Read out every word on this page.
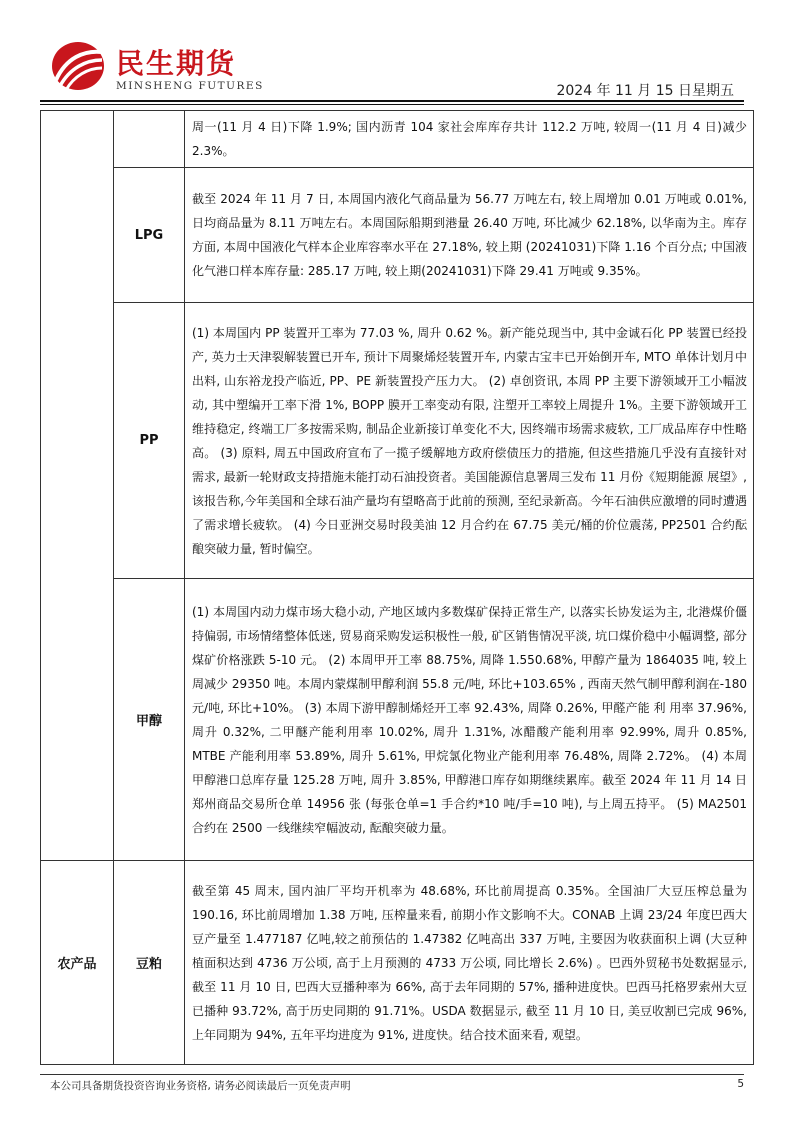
民生期货
MINSHENG FUTURES	2024 年 11 月 15 日星期五

		周一(11 月 4 日)下降 1.9%; 国内沥青 104 家社会库库存共计 112.2 万吨, 较周一(11 月 4 日)减少 2.3%。

	LPG	截至 2024 年 11 月 7 日, 本周国内液化气商品量为 56.77 万吨左右, 较上周增加 0.01 万吨或 0.01%, 日均商品量为 8.11 万吨左右。本周国际船期到港量 26.40 万吨, 环比减少 62.18%, 以华南为主。库存方面, 本周中国液化气样本企业库容率水平在 27.18%, 较上期 (20241031)下降 1.16 个百分点; 中国液化气港口样本库存量: 285.17 万吨, 较上期(20241031)下降 29.41 万吨或 9.35%。

	PP	(1) 本周国内 PP 装置开工率为 77.03 %, 周升 0.62 %。新产能兑现当中, 其中金诚石化 PP 装置已经投产, 英力士天津裂解装置已开车, 预计下周聚烯烃装置开车, 内蒙古宝丰已开始倒开车, MTO 单体计划月中出料, 山东裕龙投产临近, PP、PE 新装置投产压力大。 (2) 卓创资讯, 本周 PP 主要下游领域开工小幅波动, 其中塑编开工率下滑 1%, BOPP 膜开工率变动有限, 注塑开工率较上周提升 1%。主要下游领域开工维持稳定, 终端工厂多按需采购, 制品企业新接订单变化不大, 因终端市场需求疲软, 工厂成品库存中性略高。 (3) 原料, 周五中国政府宣布了一揽子缓解地方政府偿债压力的措施, 但这些措施几乎没有直接针对需求, 最新一轮财政支持措施未能打动石油投资者。美国能源信息署周三发布 11 月份《短期能源 展望》, 该报告称,今年美国和全球石油产量均有望略高于此前的预测, 至纪录新高。今年石油供应激增的同时遭遇了需求增长疲软。 (4) 今日亚洲交易时段美油 12 月合约在 67.75 美元/桶的价位震荡, PP2501 合约酝酿突破力量, 暂时偏空。

	甲醇	(1) 本周国内动力煤市场大稳小动, 产地区域内多数煤矿保持正常生产, 以落实长协发运为主, 北港煤价僵持偏弱, 市场情绪整体低迷, 贸易商采购发运积极性一般, 矿区销售情况平淡, 坑口煤价稳中小幅调整, 部分煤矿价格涨跌 5-10 元。 (2) 本周甲开工率 88.75%, 周降 1.550.68%, 甲醇产量为 1864035 吨, 较上周减少 29350 吨。本周内蒙煤制甲醇利润 55.8 元/吨, 环比+103.65% , 西南天然气制甲醇利润在-180 元/吨, 环比+10%。 (3) 本周下游甲醇制烯烃开工率 92.43%, 周降 0.26%, 甲醛产能 利 用率 37.96%, 周升 0.32%, 二甲醚产能利用率 10.02%, 周升 1.31%, 冰醋酸产能利用率 92.99%, 周升 0.85%, MTBE 产能利用率 53.89%, 周升 5.61%, 甲烷氯化物业产能利用率 76.48%, 周降 2.72%。 (4) 本周甲醇港口总库存量 125.28 万吨, 周升 3.85%, 甲醇港口库存如期继续累库。截至 2024 年 11 月 14 日郑州商品交易所仓单 14956 张 (每张仓单=1 手合约*10 吨/手=10 吨), 与上周五持平。 (5) MA2501 合约在 2500 一线继续窄幅波动, 酝酿突破力量。

农产品	豆粕	截至第 45 周末, 国内油厂平均开机率为 48.68%, 环比前周提高 0.35%。全国油厂大豆压榨总量为 190.16, 环比前周增加 1.38 万吨, 压榨量来看, 前期小作文影响不大。CONAB 上调 23/24 年度巴西大豆产量至 1.477187 亿吨,较之前预估的 1.47382 亿吨高出 337 万吨, 主要因为收获面积上调 (大豆种植面积达到 4736 万公顷, 高于上月预测的 4733 万公顷, 同比增长 2.6%) 。巴西外贸秘书处数据显示, 截至 11 月 10 日, 巴西大豆播种率为 66%, 高于去年同期的 57%, 播种进度快。巴西马托格罗索州大豆已播种 93.72%, 高于历史同期的 91.71%。USDA 数据显示, 截至 11 月 10 日, 美豆收割已完成 96%, 上年同期为 94%, 五年平均进度为 91%, 进度快。结合技术面来看, 观望。
本公司具备期货投资咨询业务资格, 请务必阅读最后一页免责声明	5
